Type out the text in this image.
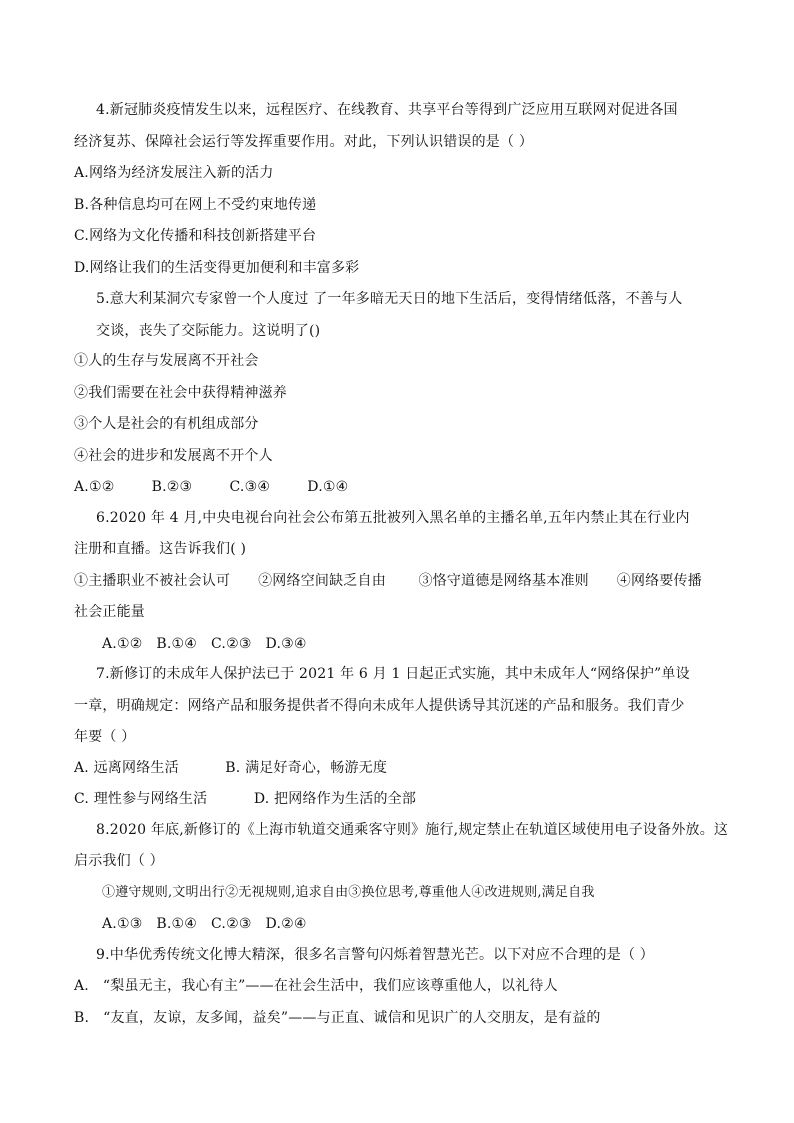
4.新冠肺炎疫情发生以来，远程医疗、在线教育、共享平台等得到广泛应用互联网对促进各国
经济复苏、保障社会运行等发挥重要作用。对此，下列认识错误的是（ ）
A.网络为经济发展注入新的活力
B.各种信息均可在网上不受约束地传递
C.网络为文化传播和科技创新搭建平台
D.网络让我们的生活变得更加便利和丰富多彩
5.意大利某洞穴专家曾一个人度过 了一年多暗无天日的地下生活后，变得情绪低落，不善与人
交谈，丧失了交际能力。这说明了()
①人的生存与发展离不开社会
②我们需要在社会中获得精神滋养
③个人是社会的有机组成部分
④社会的进步和发展离不开个人
A.①②        B.②③        C.③④        D.①④
6.2020 年 4 月,中央电视台向社会公布第五批被列入黑名单的主播名单,五年内禁止其在行业内
注册和直播。这告诉我们( )
①主播职业不被社会认可      ②网络空间缺乏自由       ③恪守道德是网络基本准则      ④网络要传播
社会正能量
A.①②   B.①④   C.②③   D.③④
7.新修订的未成年人保护法已于 2021 年 6 月 1 日起正式实施，其中未成年人“网络保护”单设
一章，明确规定：网络产品和服务提供者不得向未成年人提供诱导其沉迷的产品和服务。我们青少
年要（ ）
A. 远离网络生活          B. 满足好奇心，畅游无度
C. 理性参与网络生活          D. 把网络作为生活的全部
8.2020 年底,新修订的《上海市轨道交通乘客守则》施行,规定禁止在轨道区域使用电子设备外放。这
启示我们（ ）
①遵守规则,文明出行②无视规则,追求自由③换位思考,尊重他人④改进规则,满足自我
A.①③   B.①④   C.②③   D.②④
9.中华优秀传统文化博大精深，很多名言警句闪烁着智慧光芒。以下对应不合理的是（ ）
A.   “梨虽无主，我心有主”——在社会生活中，我们应该尊重他人，以礼待人
B.   “友直，友谅，友多闻，益矣”——与正直、诚信和见识广的人交朋友，是有益的
